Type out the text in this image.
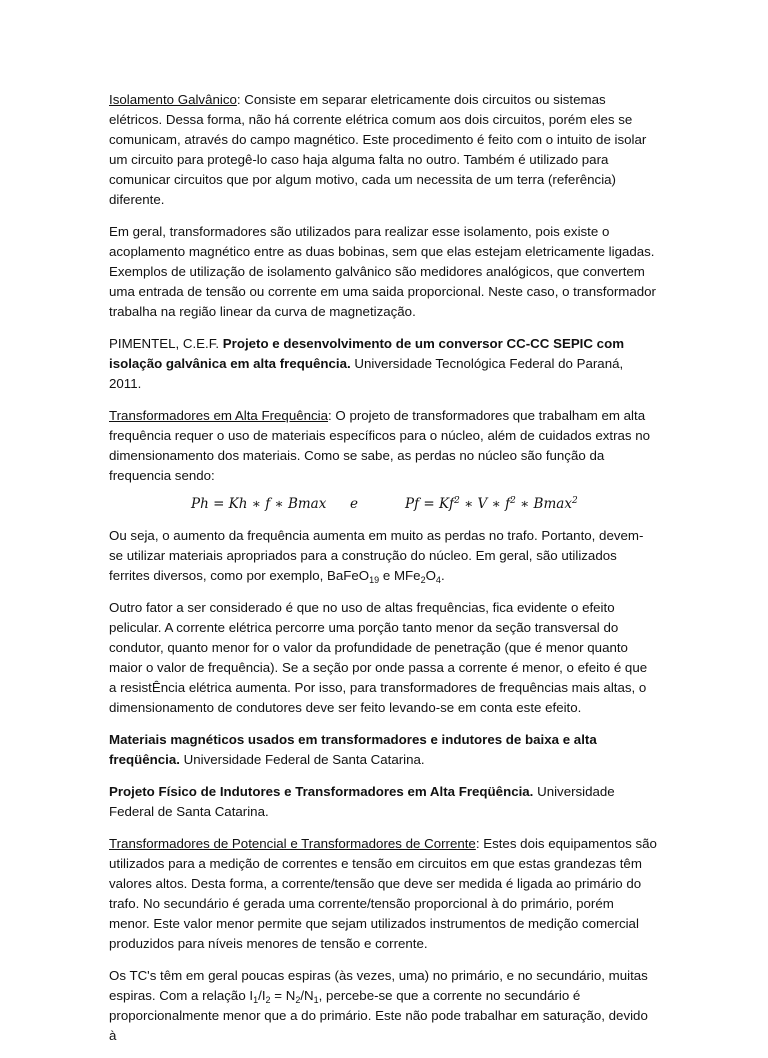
Isolamento Galvânico: Consiste em separar eletricamente dois circuitos ou sistemas elétricos. Dessa forma, não há corrente elétrica comum aos dois circuitos, porém eles se comunicam, através do campo magnético. Este procedimento é feito com o intuito de isolar um circuito para protegê-lo caso haja alguma falta no outro. Também é utilizado para comunicar circuitos que por algum motivo, cada um necessita de um terra (referência) diferente.

Em geral, transformadores são utilizados para realizar esse isolamento, pois existe o acoplamento magnético entre as duas bobinas, sem que elas estejam eletricamente ligadas. Exemplos de utilização de isolamento galvânico são medidores analógicos, que convertem uma entrada de tensão ou corrente em uma saida proporcional. Neste caso, o transformador trabalha na região linear da curva de magnetização.

PIMENTEL, C.E.F. Projeto e desenvolvimento de um conversor CC-CC SEPIC com isolação galvânica em alta frequência. Universidade Tecnológica Federal do Paraná, 2011.

Transformadores em Alta Frequência: O projeto de transformadores que trabalham em alta frequência requer o uso de materiais específicos para o núcleo, além de cuidados extras no dimensionamento dos materiais. Como se sabe, as perdas no núcleo são função da frequencia sendo:

Ph = Kh ∗ f ∗ Bmax e	$Pf = Kf^2$ ∗ V ∗ $f^2$ ∗ Bmax$^2$

Ou seja, o aumento da frequência aumenta em muito as perdas no trafo. Portanto, devem-se utilizar materiais apropriados para a construção do núcleo. Em geral, são utilizados ferrites diversos, como por exemplo, BaFeO$_{19}$ e $MFe_2O_4$.

Outro fator a ser considerado é que no uso de altas frequências, fica evidente o efeito pelicular. A corrente elétrica percorre uma porção tanto menor da seção transversal do condutor, quanto menor for o valor da profundidade de penetração (que é menor quanto maior o valor de frequência). Se a seção por onde passa a corrente é menor, o efeito é que a resistÊncia elétrica aumenta. Por isso, para transformadores de frequências mais altas, o dimensionamento de condutores deve ser feito levando-se em conta este efeito.

Materiais magnéticos usados em transformadores e indutores de baixa e alta freqüência. Universidade Federal de Santa Catarina.

Projeto Físico de Indutores e Transformadores em Alta Freqüência. Universidade Federal de Santa Catarina.

Transformadores de Potencial e Transformadores de Corrente: Estes dois equipamentos são utilizados para a medição de correntes e tensão em circuitos em que estas grandezas têm valores altos. Desta forma, a corrente/tensão que deve ser medida é ligada ao primário do trafo. No secundário é gerada uma corrente/tensão proporcional à do primário, porém menor. Este valor menor permite que sejam utilizados instrumentos de medição comercial produzidos para níveis menores de tensão e corrente.

Os TC's têm em geral poucas espiras (às vezes, uma) no primário, e no secundário, muitas espiras. Com a relação $I_1/I_2 = N_2/N_1$, percebe-se que a corrente no secundário é proporcionalmente menor que a do primário. Este não pode trabalhar em saturação, devido à
